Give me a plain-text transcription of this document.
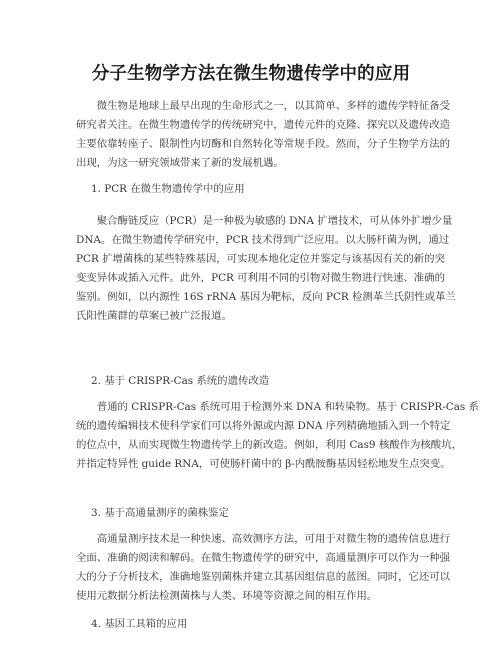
分子生物学方法在微生物遗传学中的应用
　　微生物是地球上最早出现的生命形式之一，以其简单、多样的遗传学特征备受
研究者关注。在微生物遗传学的传统研究中，遗传元件的克隆、探究以及遗传改造
主要依靠转座子、限制性内切酶和自然转化等常规手段。然而，分子生物学方法的
出现，为这一研究领域带来了新的发展机遇。
1. PCR 在微生物遗传学中的应用
　　聚合酶链反应（PCR）是一种极为敏感的 DNA 扩增技术，可从体外扩增少量
DNA。在微生物遗传学研究中，PCR 技术得到广泛应用。以大肠杆菌为例，通过
PCR 扩增菌株的某些特殊基因，可实现本地化定位并鉴定与该基因有关的新的突
变变异体或插入元件。此外，PCR 可利用不同的引物对微生物进行快速、准确的
鉴别。例如，以内源性 16S rRNA 基因为靶标，反向 PCR 检测革兰氏阴性或革兰
氏阳性菌群的草案已被广泛报道。
2. 基于 CRISPR-Cas 系统的遗传改造
　　普通的 CRISPR-Cas 系统可用于检测外来 DNA 和转染物。基于 CRISPR-Cas 系
统的遗传编辑技术使科学家们可以将外源或内源 DNA 序列精确地插入到一个特定
的位点中，从而实现微生物遗传学上的新改造。例如，利用 Cas9 核酸作为核酸坑，
并指定特异性 guide RNA，可使肠杆菌中的 β-内酰胺酶基因轻松地发生点突变。
3. 基于高通量测序的菌株鉴定
　　高通量测序技术是一种快速、高效测序方法，可用于对微生物的遗传信息进行
全面、准确的阅读和解码。在微生物遗传学的研究中，高通量测序可以作为一种强
大的分子分析技术，准确地鉴别菌株并建立其基因组信息的蓝图。同时，它还可以
使用元数据分析法检测菌株与人类、环境等资源之间的相互作用。
4. 基因工具箱的应用
